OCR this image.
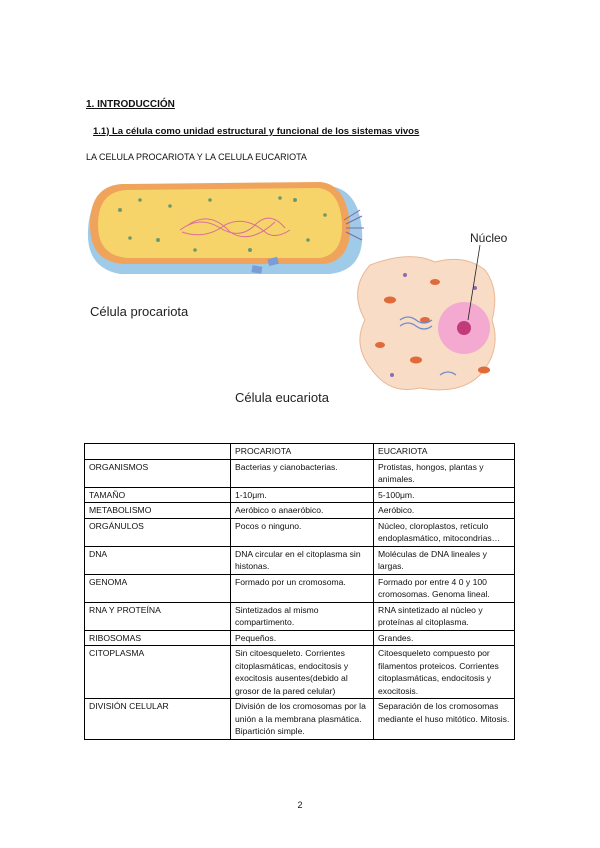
1. INTRODUCCIÓN
1.1) La célula como unidad estructural y funcional de los sistemas vivos
LA CELULA PROCARIOTA Y LA CELULA EUCARIOTA
Célula procariota
Célula eucariota
Núcleo
	PROCARIOTA	EUCARIOTA
ORGANISMOS	Bacterias y cianobacterias.	Protistas, hongos, plantas y animales.
TAMAÑO	1-10μm.	5-100μm.
METABOLISMO	Aeróbico o anaeróbico.	Aeróbico.
ORGÁNULOS	Pocos o ninguno.	Núcleo, cloroplastos, retículo endoplasmático, mitocondrias…
DNA	DNA circular en el citoplasma sin histonas.	Moléculas de DNA lineales y largas.
GENOMA	Formado por un cromosoma.	Formado por entre 4 0 y 100 cromosomas. Genoma lineal.
RNA Y PROTEÍNA	Sintetizados al mismo compartimento.	RNA sintetizado al núcleo y proteínas al citoplasma.
RIBOSOMAS	Pequeños.	Grandes.
CITOPLASMA	Sin citoesqueleto. Corrientes citoplasmáticas, endocitosis y exocitosis ausentes(debido al grosor de la pared celular)	Citoesqueleto compuesto por filamentos proteicos. Corrientes citoplasmáticas, endocitosis y exocitosis.
DIVISIÓN CELULAR	División de los cromosomas por la unión a la membrana plasmática. Bipartición simple.	Separación de los cromosomas mediante el huso mitótico. Mitosis.
2
